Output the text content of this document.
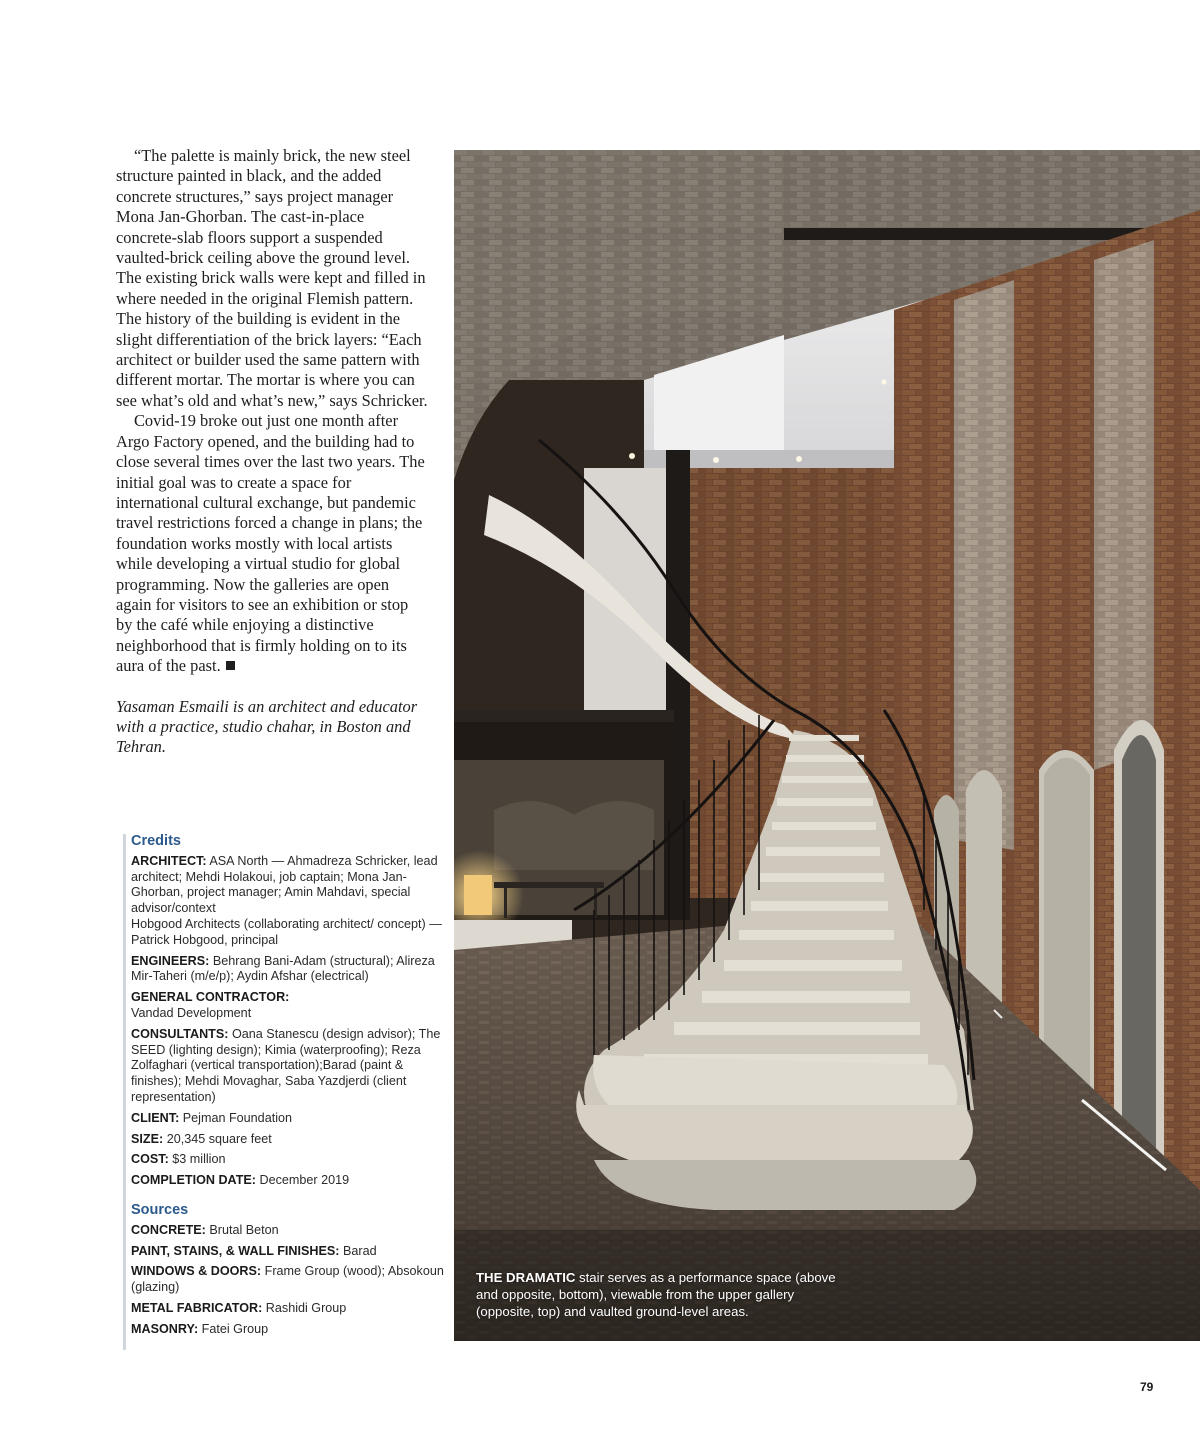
“The palette is mainly brick, the new steel structure painted in black, and the added concrete structures,” says project manager Mona Jan-Ghorban. The cast-in-place concrete-slab floors support a suspended vaulted-brick ceiling above the ground level. The existing brick walls were kept and filled in where needed in the original Flemish pattern. The history of the building is evident in the slight differentiation of the brick layers: “Each architect or builder used the same pattern with different mortar. The mortar is where you can see what’s old and what’s new,” says Schricker.

Covid-19 broke out just one month after Argo Factory opened, and the building had to close several times over the last two years. The initial goal was to create a space for international cultural exchange, but pandemic travel restrictions forced a change in plans; the foundation works mostly with local artists while developing a virtual studio for global programming. Now the galleries are open again for visitors to see an exhibition or stop by the café while enjoying a distinctive neighborhood that is firmly holding on to its aura of the past.

Yasaman Esmaili is an architect and educator with a practice, studio chahar, in Boston and Tehran.
Credits
ARCHITECT: ASA North — Ahmadreza Schricker, lead architect; Mehdi Holakoui, job captain; Mona Jan-Ghorban, project manager; Amin Mahdavi, special advisor/context
Hobgood Architects (collaborating architect/ concept) — Patrick Hobgood, principal
ENGINEERS: Behrang Bani-Adam (structural); Alireza Mir-Taheri (m/e/p); Aydin Afshar (electrical)
GENERAL CONTRACTOR:
Vandad Development
CONSULTANTS: Oana Stanescu (design advisor); The SEED (lighting design); Kimia (waterproofing); Reza Zolfaghari (vertical transportation);Barad (paint & finishes); Mehdi Movaghar, Saba Yazdjerdi (client representation)
CLIENT: Pejman Foundation
SIZE: 20,345 square feet
COST: $3 million
COMPLETION DATE: December 2019
Sources
CONCRETE: Brutal Beton
PAINT, STAINS, & WALL FINISHES: Barad
WINDOWS & DOORS: Frame Group (wood); Absokoun (glazing)
METAL FABRICATOR: Rashidi Group
MASONRY: Fatei Group
THE DRAMATIC stair serves as a performance space (above and opposite, bottom), viewable from the upper gallery (opposite, top) and vaulted ground-level areas.
79
